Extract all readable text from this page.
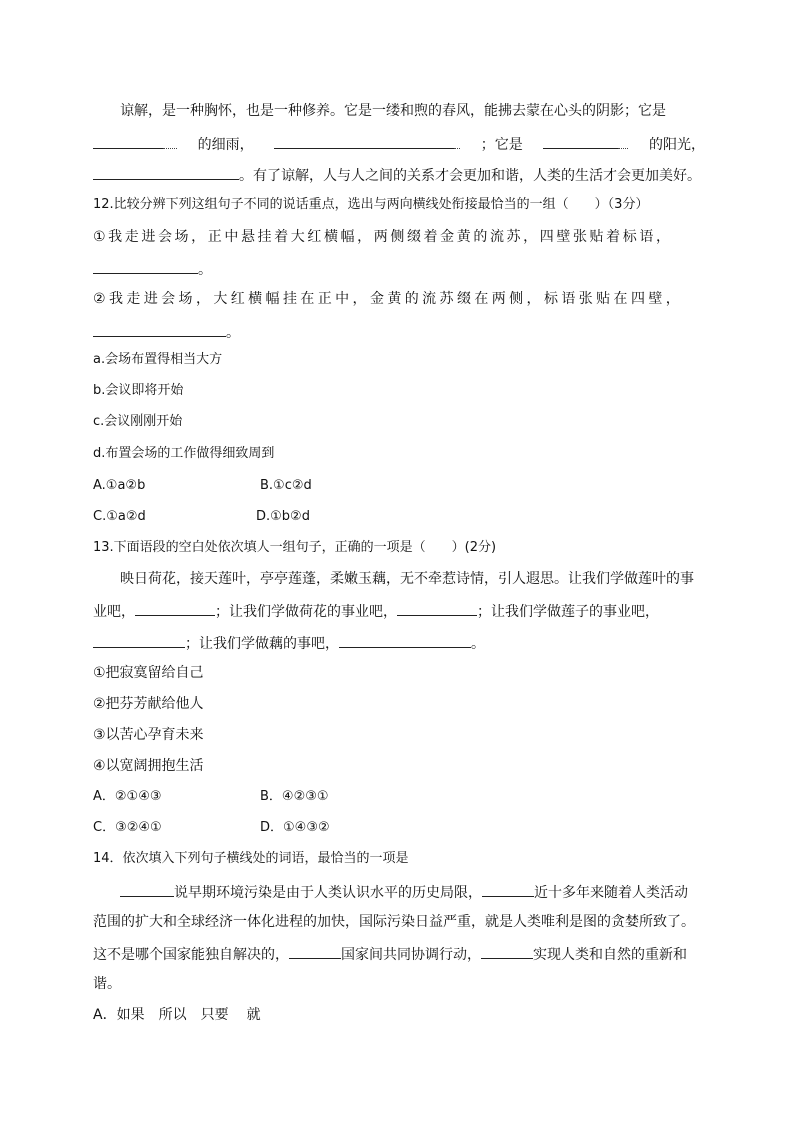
谅解，是一种胸怀，也是一种修养。它是一缕和煦的春风，能拂去蒙在心头的阴影；它是

的细雨，	；它是	的阳光，

。有了谅解，人与人之间的关系才会更加和谐，人类的生活才会更加美好。

12.比较分辨下列这组句子不同的说话重点，选出与两向横线处衔接最恰当的一组（　　）（3分）

①我走进会场，正中悬挂着大红横幅，两侧缀着金黄的流苏，四壁张贴着标语，

。

②我走进会场，大红横幅挂在正中，金黄的流苏缀在两侧，标语张贴在四壁，

。

a.会场布置得相当大方

b.会议即将开始

c.会议刚刚开始

d.布置会场的工作做得细致周到

A.①a②b	B.①c②d
C.①a②d	D.①b②d

13.下面语段的空白处依次填人一组句子，正确的一项是（　　）(2分)

映日荷花，接天莲叶，亭亭莲蓬，柔嫩玉藕，无不牵惹诗情，引人遐思。让我们学做莲叶的事

业吧，	；让我们学做荷花的事业吧，	；让我们学做莲子的事业吧，

；让我们学做藕的事吧，	。

①把寂寞留给自己

②把芬芳献给他人

③以苦心孕育未来

④以宽阔拥抱生活

A．②①④③	B．④②③①
C．③②④①	D．①④③②

14．依次填入下列句子横线处的词语，最恰当的一项是

说早期环境污染是由于人类认识水平的历史局限，	近十多年来随着人类活动

范围的扩大和全球经济一体化进程的加快，国际污染日益严重，就是人类唯利是图的贪婪所致了。

这不是哪个国家能独自解决的，	国家间共同协调行动，	实现人类和自然的重新和

谐。

A．如果 所以 只要 就
